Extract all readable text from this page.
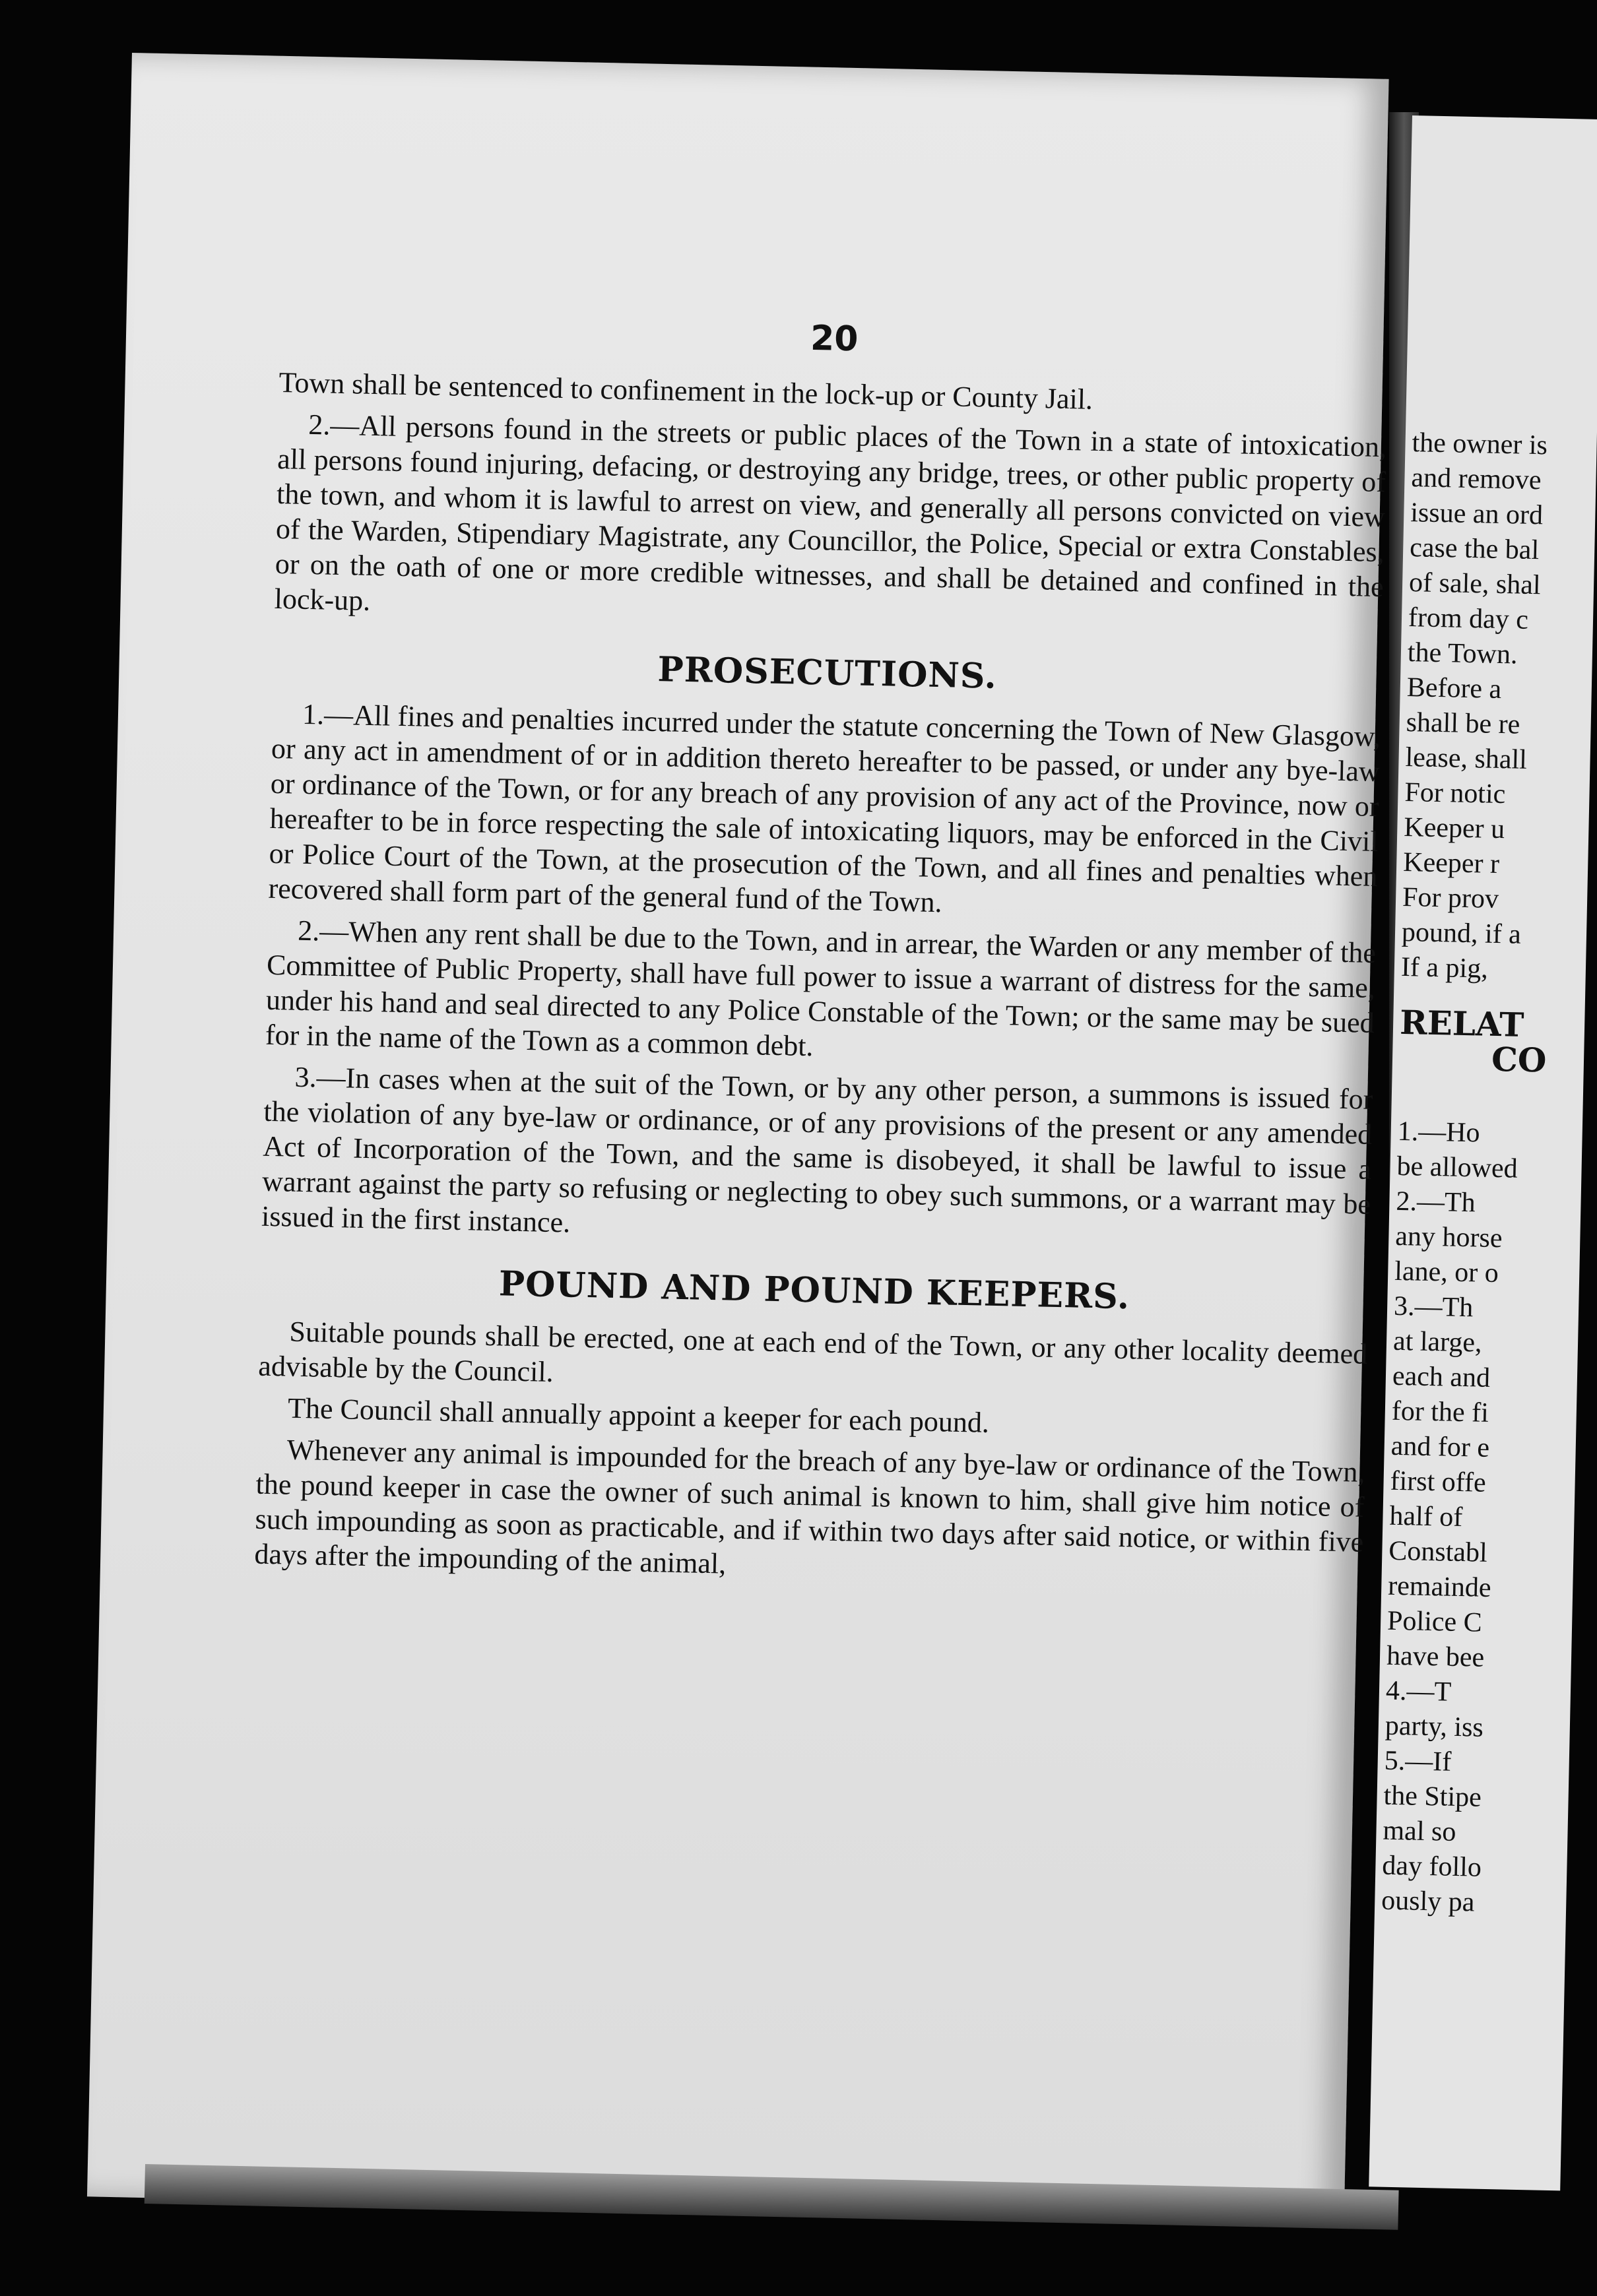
20

Town shall be sentenced to confinement in the lock-up or County Jail.

2.—All persons found in the streets or public places of the Town in a state of intoxication, all persons found injuring, defacing, or destroying any bridge, trees, or other public property of the town, and whom it is lawful to arrest on view, and generally all persons convicted on view of the Warden, Stipendiary Magistrate, any Councillor, the Police, Special or extra Constables, or on the oath of one or more credible witnesses, and shall be detained and confined in the lock-up.

PROSECUTIONS.

1.—All fines and penalties incurred under the statute concerning the Town of New Glasgow, or any act in amendment of or in addition thereto hereafter to be passed, or under any bye-law or ordinance of the Town, or for any breach of any provision of any act of the Province, now or hereafter to be in force respecting the sale of intoxicating liquors, may be enforced in the Civil or Police Court of the Town, at the prosecution of the Town, and all fines and penalties when recovered shall form part of the general fund of the Town.

2.—When any rent shall be due to the Town, and in arrear, the Warden or any member of the Committee of Public Property, shall have full power to issue a warrant of distress for the same, under his hand and seal directed to any Police Constable of the Town; or the same may be sued for in the name of the Town as a common debt.

3.—In cases when at the suit of the Town, or by any other person, a summons is issued for the violation of any bye-law or ordinance, or of any provisions of the present or any amended Act of Incorporation of the Town, and the same is disobeyed, it shall be lawful to issue a warrant against the party so refusing or neglecting to obey such summons, or a warrant may be issued in the first instance.

POUND AND POUND KEEPERS.

Suitable pounds shall be erected, one at each end of the Town, or any other locality deemed advisable by the Council.

The Council shall annually appoint a keeper for each pound.

Whenever any animal is impounded for the breach of any bye-law or ordinance of the Town, the pound keeper in case the owner of such animal is known to him, shall give him notice of such impounding as soon as practicable, and if within two days after said notice, or within five days after the impounding of the animal,

the owner is
and remove
issue an ord
case the bal
of sale, shal
from day c
the Town.
Before a
shall be re
lease, shall
For notic
Keeper u
Keeper r
For prov
pound, if a
If a pig,
RELAT
CO
1.—Ho
be allowed
2.—Th
any horse
lane, or o
3.—Th
at large,
each and
for the fi
and for e
first offe
half of
Constabl
remainde
Police C
have bee
4.—T
party, iss
5.—If
the Stipe
mal so
day follo
ously pa
